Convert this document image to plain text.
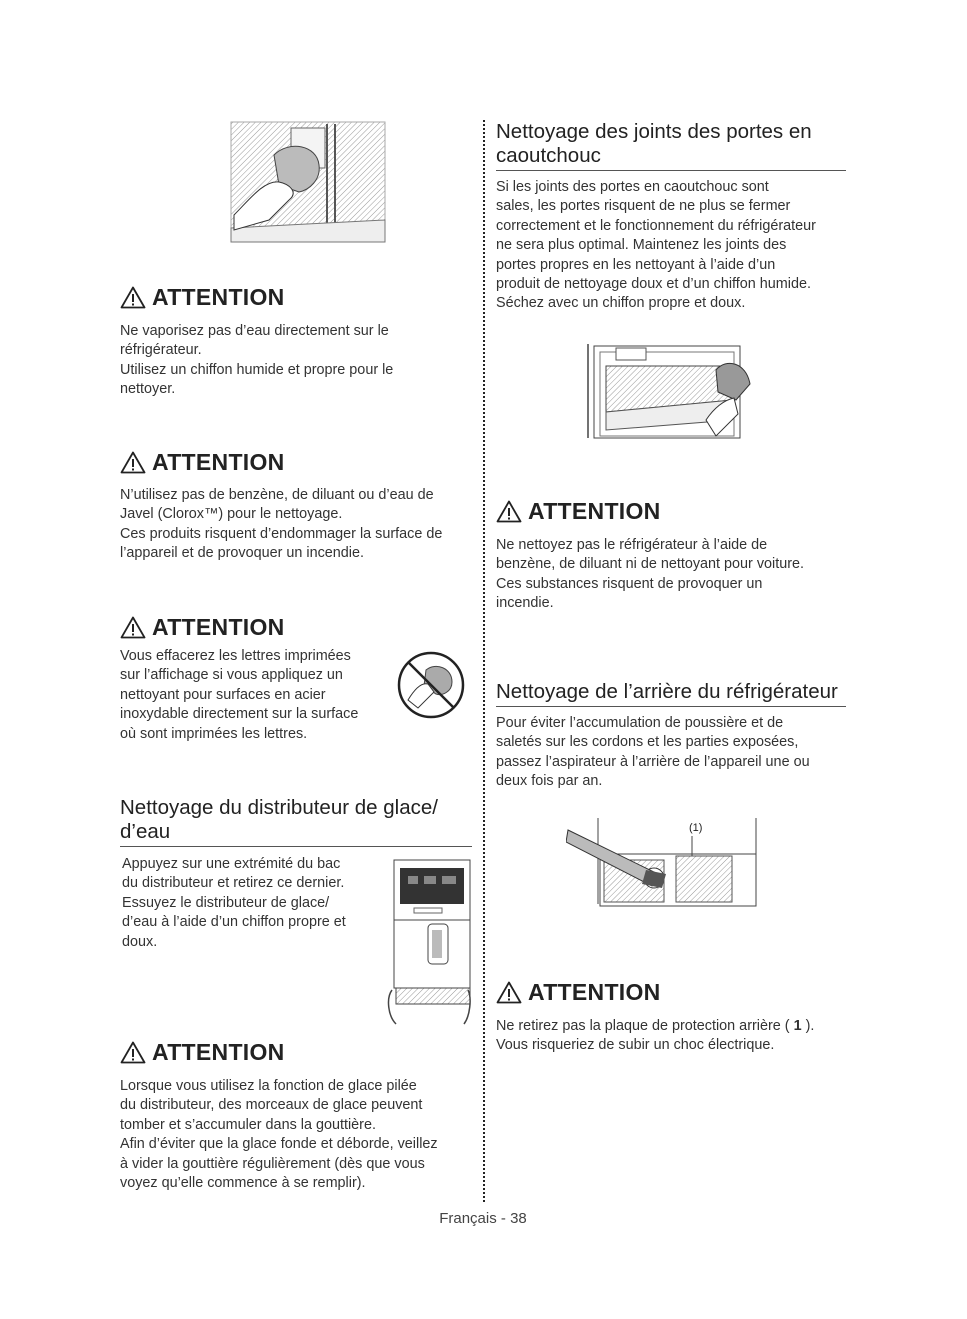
ATTENTION

Ne vaporisez pas d’eau directement sur le

réfrigérateur.

Utilisez un chiffon humide et propre pour le

nettoyer.

ATTENTION

N’utilisez pas de benzène, de diluant ou d’eau de

Javel (Clorox™) pour le nettoyage.

Ces produits risquent d’endommager la surface de

l’appareil et de provoquer un incendie.

ATTENTION

Vous effacerez les lettres imprimées

sur l’affichage si vous appliquez un

nettoyant pour surfaces en acier

inoxydable directement sur la surface

où sont imprimées les lettres.

Nettoyage du distributeur de glace/
d’eau

Appuyez sur une extrémité du bac

du distributeur et retirez ce dernier.

Essuyez le distributeur de glace/

d’eau à l’aide d’un chiffon propre et

doux.

ATTENTION

Lorsque vous utilisez la fonction de glace pilée

du distributeur, des morceaux de glace peuvent

tomber et s’accumuler dans la gouttière.

Afin d’éviter que la glace fonde et déborde, veillez

à vider la gouttière régulièrement (dès que vous

voyez qu’elle commence à se remplir).

Nettoyage des joints des portes en
caoutchouc

Si les joints des portes en caoutchouc sont

sales, les portes risquent de ne plus se fermer

correctement et le fonctionnement du réfrigérateur

ne sera plus optimal. Maintenez les joints des

portes propres en les nettoyant à l’aide d’un

produit de nettoyage doux et d’un chiffon humide.

Séchez avec un chiffon propre et doux.

ATTENTION

Ne nettoyez pas le réfrigérateur à l’aide de

benzène, de diluant ni de nettoyant pour voiture.

Ces substances risquent de provoquer un

incendie.

Nettoyage de l’arrière du réfrigérateur

Pour éviter l’accumulation de poussière et de

saletés sur les cordons et les parties exposées,

passez l’aspirateur à l’arrière de l’appareil une ou

deux fois par an.

(1)
ATTENTION

Ne retirez pas la plaque de protection arrière ( 1 ).

Vous risqueriez de subir un choc électrique.

Français - 38
